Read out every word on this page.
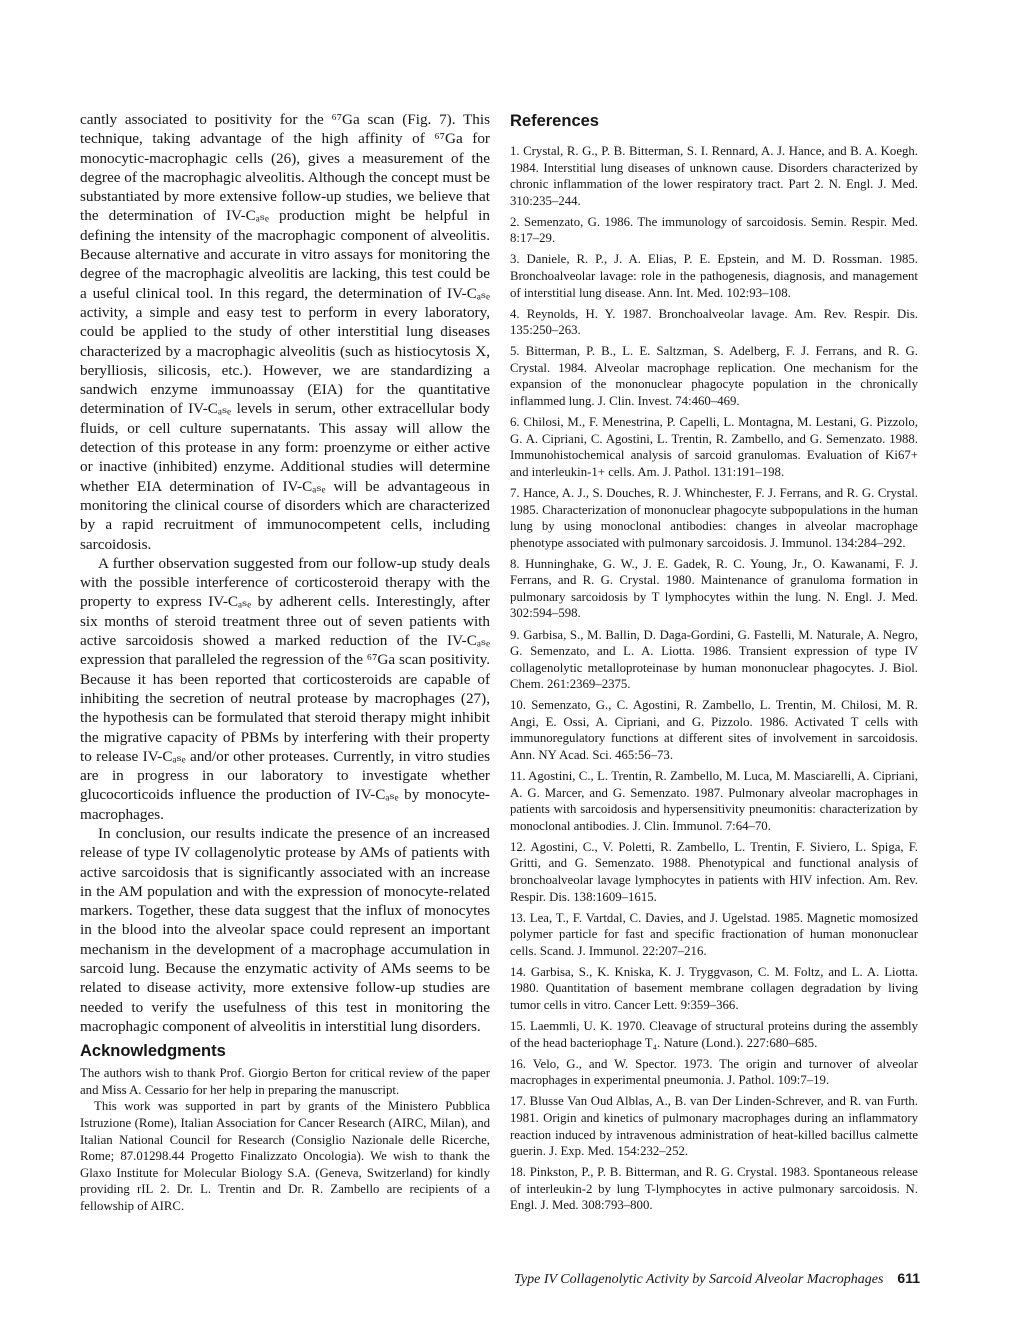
cantly associated to positivity for the ⁶⁷Ga scan (Fig. 7). This technique, taking advantage of the high affinity of ⁶⁷Ga for monocytic-macrophagic cells (26), gives a measurement of the degree of the macrophagic alveolitis. Although the concept must be substantiated by more extensive follow-up studies, we believe that the determination of IV-Cₐₛₑ production might be helpful in defining the intensity of the macrophagic component of alveolitis. Because alternative and accurate in vitro assays for monitoring the degree of the macrophagic alveolitis are lacking, this test could be a useful clinical tool. In this regard, the determination of IV-Cₐₛₑ activity, a simple and easy test to perform in every laboratory, could be applied to the study of other interstitial lung diseases characterized by a macrophagic alveolitis (such as histiocytosis X, berylliosis, silicosis, etc.). However, we are standardizing a sandwich enzyme immunoassay (EIA) for the quantitative determination of IV-Cₐₛₑ levels in serum, other extracellular body fluids, or cell culture supernatants. This assay will allow the detection of this protease in any form: proenzyme or either active or inactive (inhibited) enzyme. Additional studies will determine whether EIA determination of IV-Cₐₛₑ will be advantageous in monitoring the clinical course of disorders which are characterized by a rapid recruitment of immunocompetent cells, including sarcoidosis.

A further observation suggested from our follow-up study deals with the possible interference of corticosteroid therapy with the property to express IV-Cₐₛₑ by adherent cells. Interestingly, after six months of steroid treatment three out of seven patients with active sarcoidosis showed a marked reduction of the IV-Cₐₛₑ expression that paralleled the regression of the ⁶⁷Ga scan positivity. Because it has been reported that corticosteroids are capable of inhibiting the secretion of neutral protease by macrophages (27), the hypothesis can be formulated that steroid therapy might inhibit the migrative capacity of PBMs by interfering with their property to release IV-Cₐₛₑ and/or other proteases. Currently, in vitro studies are in progress in our laboratory to investigate whether glucocorticoids influence the production of IV-Cₐₛₑ by monocyte-macrophages.

In conclusion, our results indicate the presence of an increased release of type IV collagenolytic protease by AMs of patients with active sarcoidosis that is significantly associated with an increase in the AM population and with the expression of monocyte-related markers. Together, these data suggest that the influx of monocytes in the blood into the alveolar space could represent an important mechanism in the development of a macrophage accumulation in sarcoid lung. Because the enzymatic activity of AMs seems to be related to disease activity, more extensive follow-up studies are needed to verify the usefulness of this test in monitoring the macrophagic component of alveolitis in interstitial lung disorders.

Acknowledgments

The authors wish to thank Prof. Giorgio Berton for critical review of the paper and Miss A. Cessario for her help in preparing the manuscript.

This work was supported in part by grants of the Ministero Pubblica Istruzione (Rome), Italian Association for Cancer Research (AIRC, Milan), and Italian National Council for Research (Consiglio Nazionale delle Ricerche, Rome; 87.01298.44 Progetto Finalizzato Oncologia). We wish to thank the Glaxo Institute for Molecular Biology S.A. (Geneva, Switzerland) for kindly providing rIL 2. Dr. L. Trentin and Dr. R. Zambello are recipients of a fellowship of AIRC.

References

1. Crystal, R. G., P. B. Bitterman, S. I. Rennard, A. J. Hance, and B. A. Koegh. 1984. Interstitial lung diseases of unknown cause. Disorders characterized by chronic inflammation of the lower respiratory tract. Part 2. N. Engl. J. Med. 310:235–244.

2. Semenzato, G. 1986. The immunology of sarcoidosis. Semin. Respir. Med. 8:17–29.

3. Daniele, R. P., J. A. Elias, P. E. Epstein, and M. D. Rossman. 1985. Bronchoalveolar lavage: role in the pathogenesis, diagnosis, and management of interstitial lung disease. Ann. Int. Med. 102:93–108.

4. Reynolds, H. Y. 1987. Bronchoalveolar lavage. Am. Rev. Respir. Dis. 135:250–263.

5. Bitterman, P. B., L. E. Saltzman, S. Adelberg, F. J. Ferrans, and R. G. Crystal. 1984. Alveolar macrophage replication. One mechanism for the expansion of the mononuclear phagocyte population in the chronically inflammed lung. J. Clin. Invest. 74:460–469.

6. Chilosi, M., F. Menestrina, P. Capelli, L. Montagna, M. Lestani, G. Pizzolo, G. A. Cipriani, C. Agostini, L. Trentin, R. Zambello, and G. Semenzato. 1988. Immunohistochemical analysis of sarcoid granulomas. Evaluation of Ki67+ and interleukin-1+ cells. Am. J. Pathol. 131:191–198.

7. Hance, A. J., S. Douches, R. J. Whinchester, F. J. Ferrans, and R. G. Crystal. 1985. Characterization of mononuclear phagocyte subpopulations in the human lung by using monoclonal antibodies: changes in alveolar macrophage phenotype associated with pulmonary sarcoidosis. J. Immunol. 134:284–292.

8. Hunninghake, G. W., J. E. Gadek, R. C. Young, Jr., O. Kawanami, F. J. Ferrans, and R. G. Crystal. 1980. Maintenance of granuloma formation in pulmonary sarcoidosis by T lymphocytes within the lung. N. Engl. J. Med. 302:594–598.

9. Garbisa, S., M. Ballin, D. Daga-Gordini, G. Fastelli, M. Naturale, A. Negro, G. Semenzato, and L. A. Liotta. 1986. Transient expression of type IV collagenolytic metalloproteinase by human mononuclear phagocytes. J. Biol. Chem. 261:2369–2375.

10. Semenzato, G., C. Agostini, R. Zambello, L. Trentin, M. Chilosi, M. R. Angi, E. Ossi, A. Cipriani, and G. Pizzolo. 1986. Activated T cells with immunoregulatory functions at different sites of involvement in sarcoidosis. Ann. NY Acad. Sci. 465:56–73.

11. Agostini, C., L. Trentin, R. Zambello, M. Luca, M. Masciarelli, A. Cipriani, A. G. Marcer, and G. Semenzato. 1987. Pulmonary alveolar macrophages in patients with sarcoidosis and hypersensitivity pneumonitis: characterization by monoclonal antibodies. J. Clin. Immunol. 7:64–70.

12. Agostini, C., V. Poletti, R. Zambello, L. Trentin, F. Siviero, L. Spiga, F. Gritti, and G. Semenzato. 1988. Phenotypical and functional analysis of bronchoalveolar lavage lymphocytes in patients with HIV infection. Am. Rev. Respir. Dis. 138:1609–1615.

13. Lea, T., F. Vartdal, C. Davies, and J. Ugelstad. 1985. Magnetic momosized polymer particle for fast and specific fractionation of human mononuclear cells. Scand. J. Immunol. 22:207–216.

14. Garbisa, S., K. Kniska, K. J. Tryggvason, C. M. Foltz, and L. A. Liotta. 1980. Quantitation of basement membrane collagen degradation by living tumor cells in vitro. Cancer Lett. 9:359–366.

15. Laemmli, U. K. 1970. Cleavage of structural proteins during the assembly of the head bacteriophage T₄. Nature (Lond.). 227:680–685.

16. Velo, G., and W. Spector. 1973. The origin and turnover of alveolar macrophages in experimental pneumonia. J. Pathol. 109:7–19.

17. Blusse Van Oud Alblas, A., B. van Der Linden-Schrever, and R. van Furth. 1981. Origin and kinetics of pulmonary macrophages during an inflammatory reaction induced by intravenous administration of heat-killed bacillus calmette guerin. J. Exp. Med. 154:232–252.

18. Pinkston, P., P. B. Bitterman, and R. G. Crystal. 1983. Spontaneous release of interleukin-2 by lung T-lymphocytes in active pulmonary sarcoidosis. N. Engl. J. Med. 308:793–800.

Type IV Collagenolytic Activity by Sarcoid Alveolar Macrophages 611
